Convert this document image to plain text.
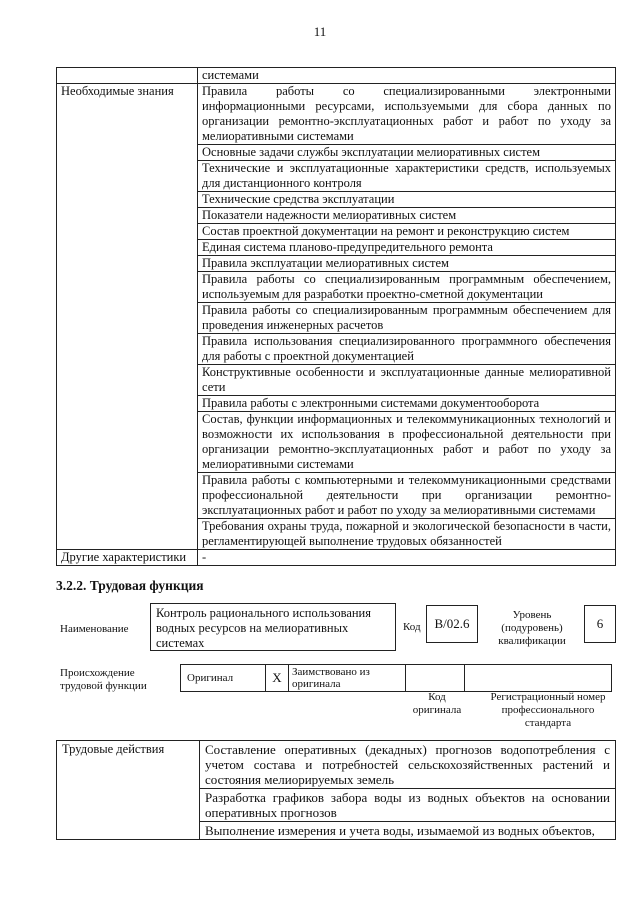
11
	системами
Необходимые знания	Правила работы со специализированными электронными информационными ресурсами, используемыми для сбора данных по организации ремонтно-эксплуатационных работ и работ по уходу за мелиоративными системами
	Основные задачи службы эксплуатации мелиоративных систем
	Технические и эксплуатационные характеристики средств, используемых для дистанционного контроля
	Технические средства эксплуатации
	Показатели надежности мелиоративных систем
	Состав проектной документации на ремонт и реконструкцию систем
	Единая система планово-предупредительного ремонта
	Правила эксплуатации мелиоративных систем
	Правила работы со специализированным программным обеспечением, используемым для разработки проектно-сметной документации
	Правила работы со специализированным программным обеспечением для проведения инженерных расчетов
	Правила использования специализированного программного обеспечения для работы с проектной документацией
	Конструктивные особенности и эксплуатационные данные мелиоративной сети
	Правила работы с электронными системами документооборота
	Состав, функции информационных и телекоммуникационных технологий и возможности их использования в профессиональной деятельности при организации ремонтно-эксплуатационных работ и работ по уходу за мелиоративными системами
	Правила работы с компьютерными и телекоммуникационными средствами профессиональной деятельности при организации ремонтно-эксплуатационных работ и работ по уходу за мелиоративными системами
	Требования охраны труда, пожарной и экологической безопасности в части, регламентирующей выполнение трудовых обязанностей
Другие характеристики	-
3.2.2. Трудовая функция
Наименование
Контроль рационального использования водных ресурсов на мелиоративных системах
Код	B/02.6
Уровень (подуровень) квалификации
6
Происхождение трудовой функции
Оригинал	X	Заимствовано из оригинала		
Код оригинала
Регистрационный номер профессионального стандарта
Трудовые действия	Составление оперативных (декадных) прогнозов водопотребления с учетом состава и потребностей сельскохозяйственных растений и состояния мелиорируемых земель
Разработка графиков забора воды из водных объектов на основании оперативных прогнозов
Выполнение измерения и учета воды, изымаемой из водных объектов,
